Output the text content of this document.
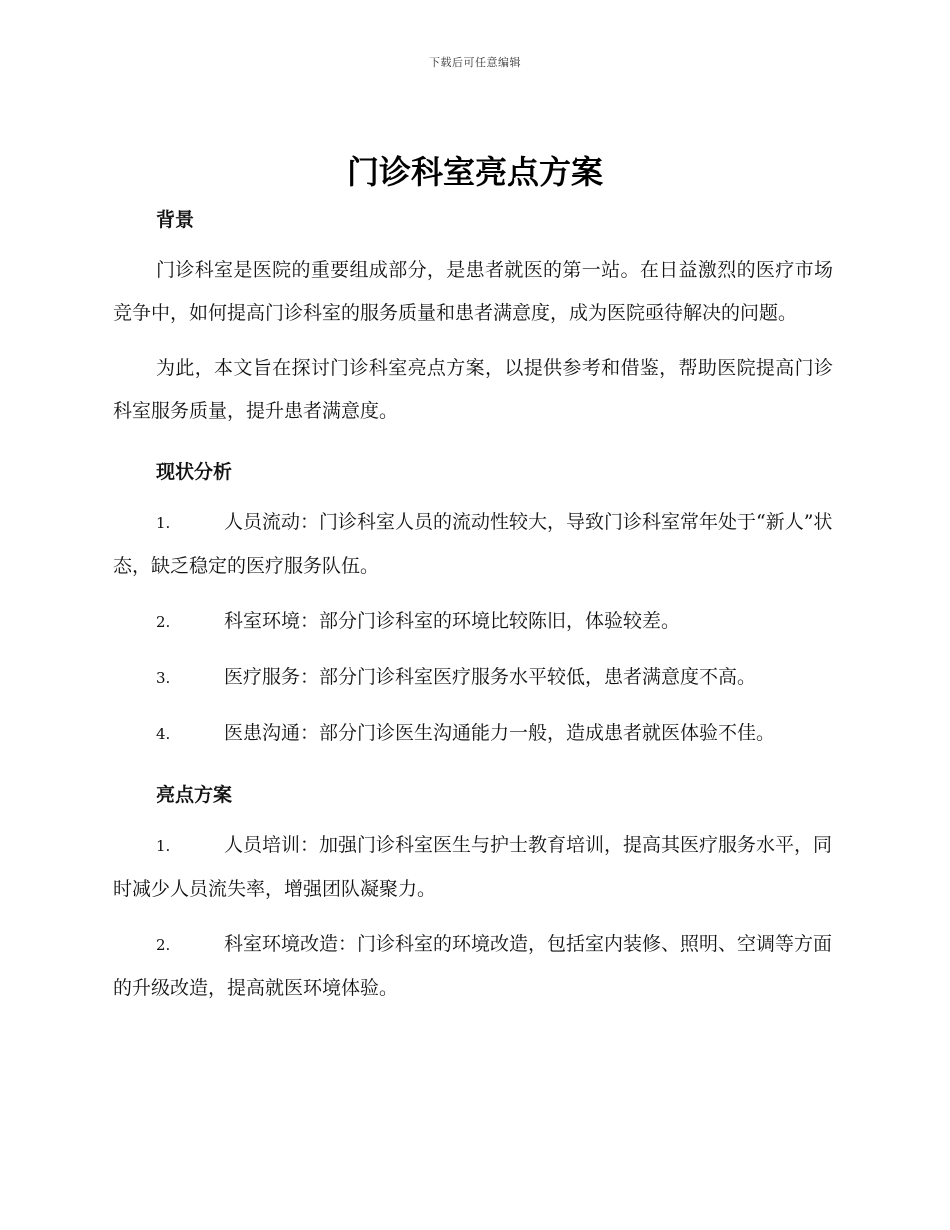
下载后可任意编辑
门诊科室亮点方案
背景

门诊科室是医院的重要组成部分，是患者就医的第一站。在日益激烈的医疗市场竞争中，如何提高门诊科室的服务质量和患者满意度，成为医院亟待解决的问题。

为此，本文旨在探讨门诊科室亮点方案，以提供参考和借鉴，帮助医院提高门诊科室服务质量，提升患者满意度。

现状分析

1.	人员流动：门诊科室人员的流动性较大，导致门诊科室常年处于“新人”状态，缺乏稳定的医疗服务队伍。

2.	科室环境：部分门诊科室的环境比较陈旧，体验较差。

3.	医疗服务：部分门诊科室医疗服务水平较低，患者满意度不高。

4.	医患沟通：部分门诊医生沟通能力一般，造成患者就医体验不佳。

亮点方案

1.	人员培训：加强门诊科室医生与护士教育培训，提高其医疗服务水平，同时减少人员流失率，增强团队凝聚力。

2.	科室环境改造：门诊科室的环境改造，包括室内装修、照明、空调等方面的升级改造，提高就医环境体验。
